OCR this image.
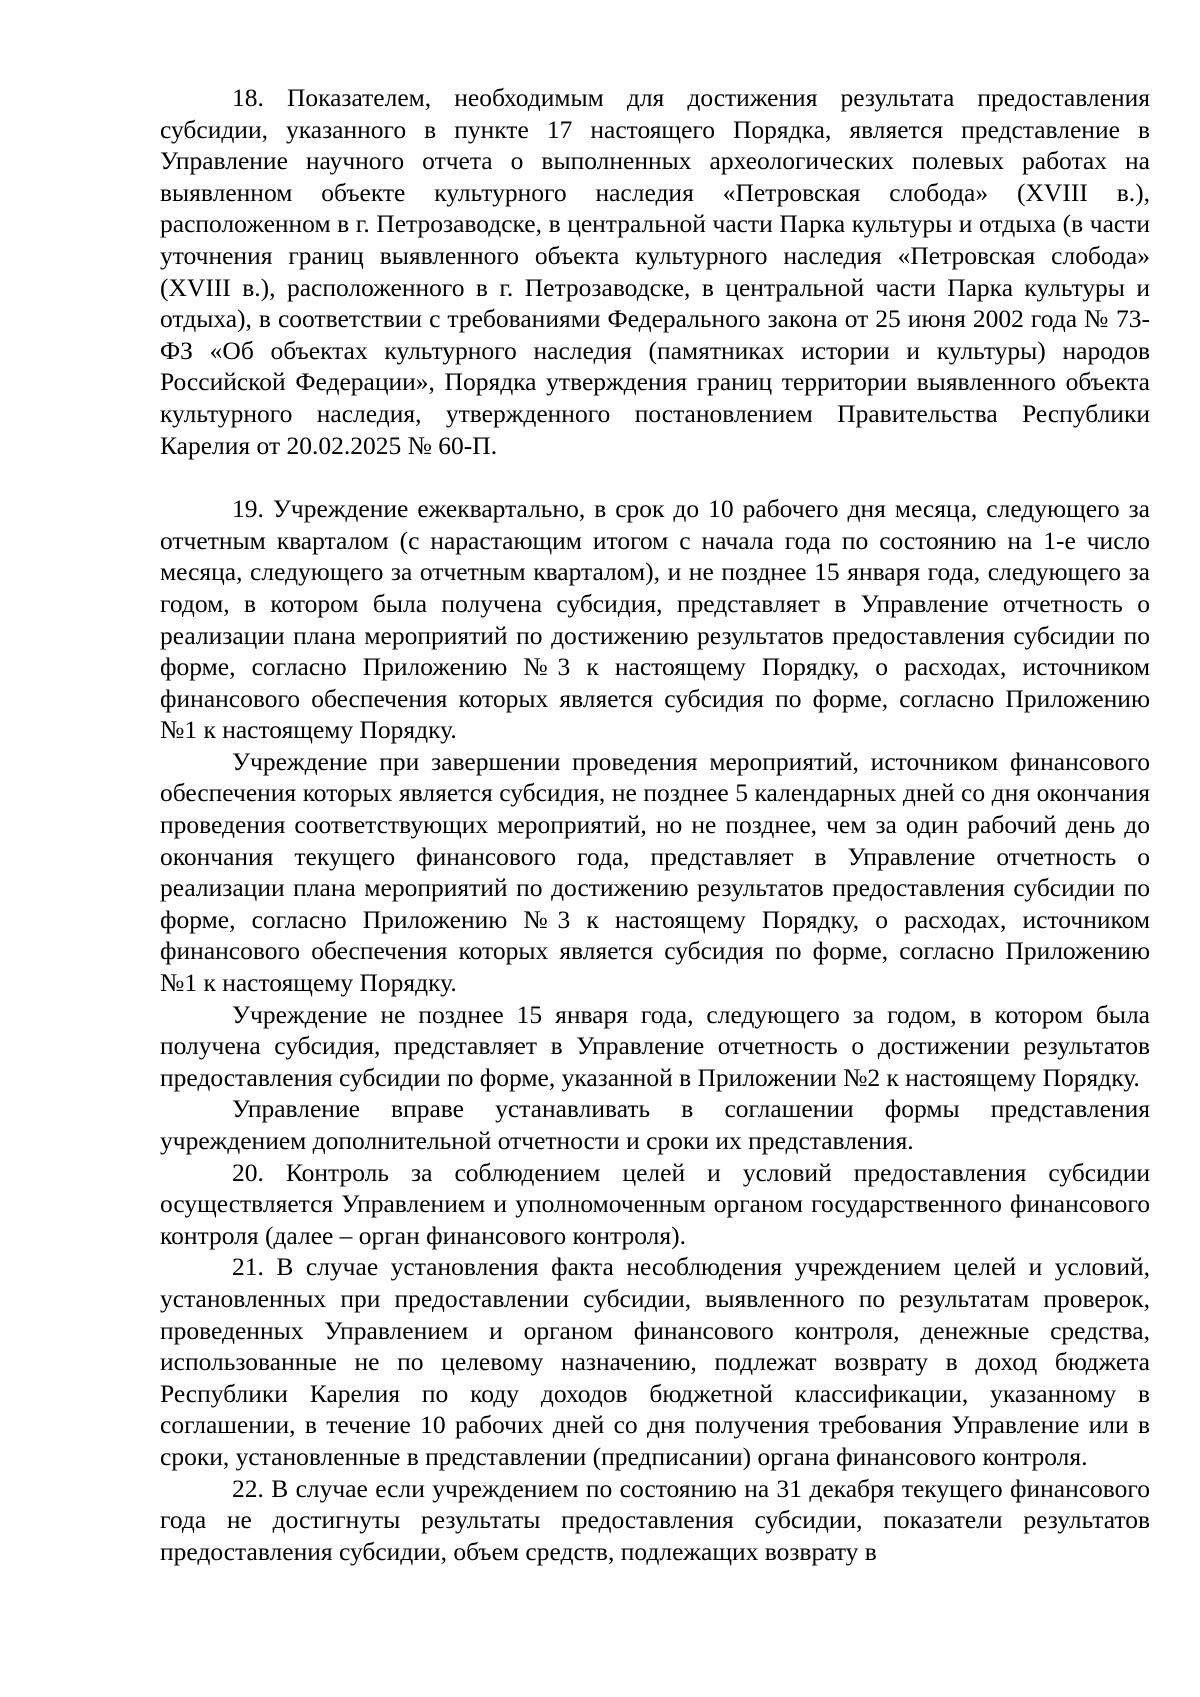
18. Показателем, необходимым для достижения результата предоставления субсидии, указанного в пункте 17 настоящего Порядка, является представление в Управление научного отчета о выполненных археологических полевых работах на выявленном объекте культурного наследия «Петровская слобода» (XVIII в.), расположенном в г. Петрозаводске, в центральной части Парка культуры и отдыха (в части уточнения границ выявленного объекта культурного наследия «Петровская слобода» (XVIII в.), расположенного в г. Петрозаводске, в центральной части Парка культуры и отдыха), в соответствии с требованиями Федерального закона от 25 июня 2002 года № 73-ФЗ «Об объектах культурного наследия (памятниках истории и культуры) народов Российской Федерации», Порядка утверждения границ территории выявленного объекта культурного наследия, утвержденного постановлением Правительства Республики Карелия от 20.02.2025 № 60-П.

19. Учреждение ежеквартально, в срок до 10 рабочего дня месяца, следующего за отчетным кварталом (с нарастающим итогом с начала года по состоянию на 1-е число месяца, следующего за отчетным кварталом), и не позднее 15 января года, следующего за годом, в котором была получена субсидия, представляет в Управление отчетность о реализации плана мероприятий по достижению результатов предоставления субсидии по форме, согласно Приложению №3 к настоящему Порядку, о расходах, источником финансового обеспечения которых является субсидия по форме, согласно Приложению №1 к настоящему Порядку.

Учреждение при завершении проведения мероприятий, источником финансового обеспечения которых является субсидия, не позднее 5 календарных дней со дня окончания проведения соответствующих мероприятий, но не позднее, чем за один рабочий день до окончания текущего финансового года, представляет в Управление отчетность о реализации плана мероприятий по достижению результатов предоставления субсидии по форме, согласно Приложению №3 к настоящему Порядку, о расходах, источником финансового обеспечения которых является субсидия по форме, согласно Приложению №1 к настоящему Порядку.

Учреждение не позднее 15 января года, следующего за годом, в котором была получена субсидия, представляет в Управление отчетность о достижении результатов предоставления субсидии по форме, указанной в Приложении №2 к настоящему Порядку.

Управление вправе устанавливать в соглашении формы представления учреждением дополнительной отчетности и сроки их представления.

20. Контроль за соблюдением целей и условий предоставления субсидии осуществляется Управлением и уполномоченным органом государственного финансового контроля (далее – орган финансового контроля).

21. В случае установления факта несоблюдения учреждением целей и условий, установленных при предоставлении субсидии, выявленного по результатам проверок, проведенных Управлением и органом финансового контроля, денежные средства, использованные не по целевому назначению, подлежат возврату в доход бюджета Республики Карелия по коду доходов бюджетной классификации, указанному в соглашении, в течение 10 рабочих дней со дня получения требования Управление или в сроки, установленные в представлении (предписании) органа финансового контроля.

22. В случае если учреждением по состоянию на 31 декабря текущего финансового года не достигнуты результаты предоставления субсидии, показатели результатов предоставления субсидии, объем средств, подлежащих возврату в
